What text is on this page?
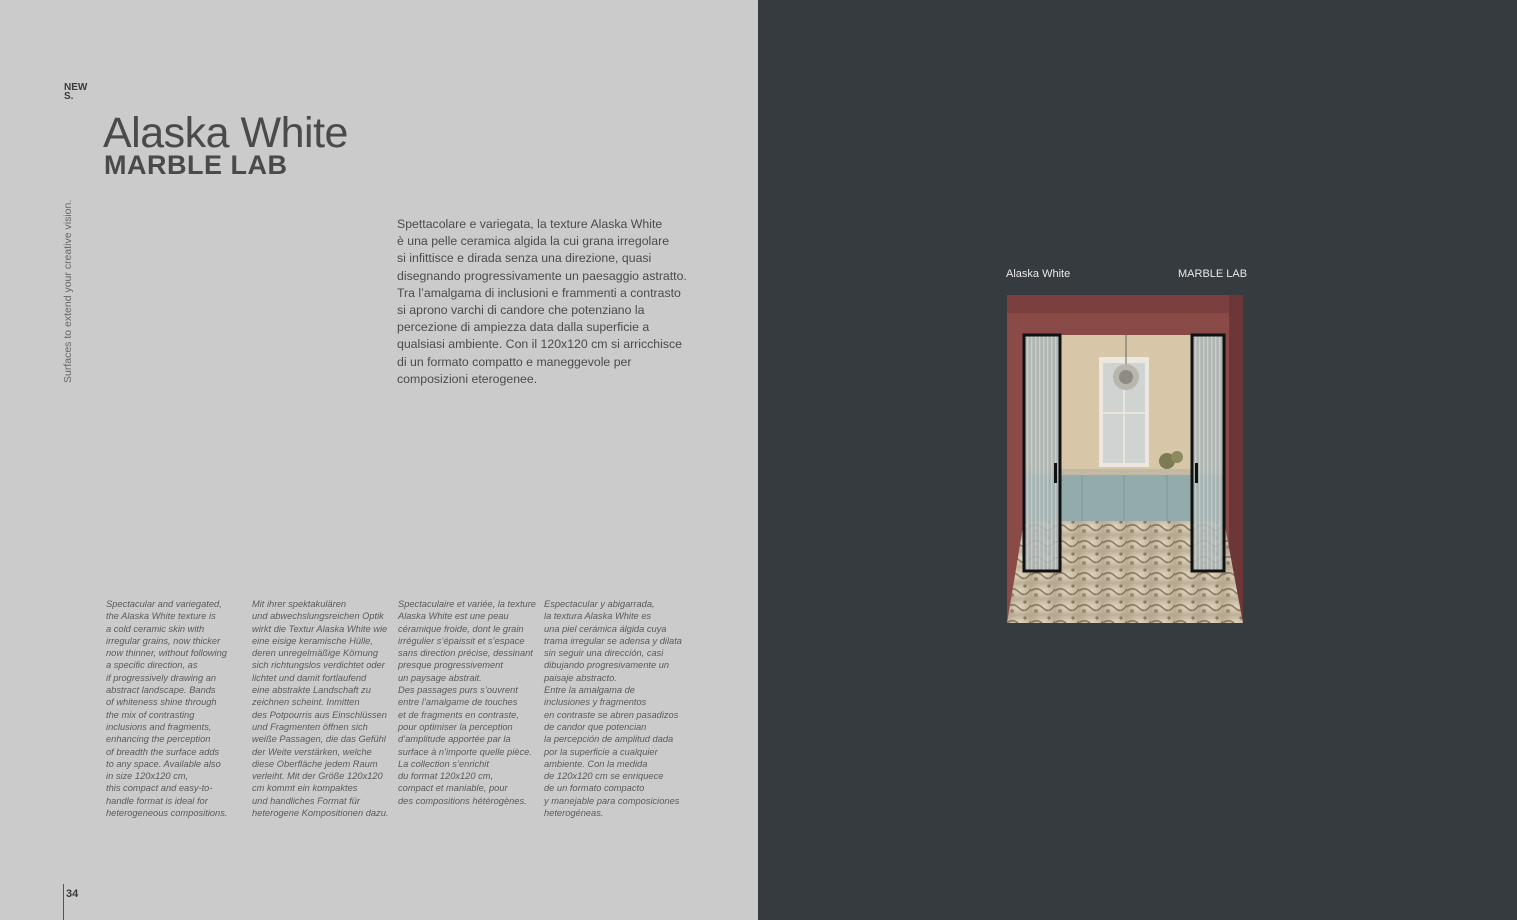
NEW
S.
Alaska White
MARBLE LAB
Surfaces to extend your creative vision.	Spettacolare e variegata, la texture Alaska White
è una pelle ceramica algida la cui grana irregolare
si infittisce e dirada senza una direzione, quasi
disegnando progressivamente un paesaggio astratto.
Tra l’amalgama di inclusioni e frammenti a contrasto
si aprono varchi di candore che potenziano la
percezione di ampiezza data dalla superficie a
qualsiasi ambiente. Con il 120x120 cm si arricchisce
di un formato compatto e maneggevole per
composizioni eterogenee.
Spectacular and variegated,
the Alaska White texture is
a cold ceramic skin with
irregular grains, now thicker
now thinner, without following
a specific direction, as
if progressively drawing an
abstract landscape. Bands
of whiteness shine through
the mix of contrasting
inclusions and fragments,
enhancing the perception
of breadth the surface adds
to any space. Available also
in size 120x120 cm,
this compact and easy-to-
handle format is ideal for
heterogeneous compositions.
Mit ihrer spektakulären
und abwechslungsreichen Optik
wirkt die Textur Alaska White wie
eine eisige keramische Hülle,
deren unregelmäßige Körnung
sich richtungslos verdichtet oder
lichtet und damit fortlaufend
eine abstrakte Landschaft zu
zeichnen scheint. Inmitten
des Potpourris aus Einschlüssen
und Fragmenten öffnen sich
weiße Passagen, die das Gefühl
der Weite verstärken, welche
diese Oberfläche jedem Raum
verleiht. Mit der Größe 120x120
cm kommt ein kompaktes
und handliches Format für
heterogene Kompositionen dazu.
Spectaculaire et variée, la texture
Alaska White est une peau
céramique froide, dont le grain
irrégulier s’épaissit et s’espace
sans direction précise, dessinant
presque progressivement
un paysage abstrait.
Des passages purs s’ouvrent
entre l’amalgame de touches
et de fragments en contraste,
pour optimiser la perception
d’amplitude apportée par la
surface à n’importe quelle pièce.
La collection s’enrichit
du format 120x120 cm,
compact et maniable, pour
des compositions hétérogènes.
Espectacular y abigarrada,
la textura Alaska White es
una piel cerámica álgida cuya
trama irregular se adensa y dilata
sin seguir una dirección, casi
dibujando progresivamente un
paisaje abstracto.
Entre la amalgama de
inclusiones y fragmentos
en contraste se abren pasadizos
de candor que potencian
la percepción de amplitud dada
por la superficie a cualquier
ambiente. Con la medida
de 120x120 cm se enriquece
de un formato compacto
y manejable para composiciones
heterogéneas.
34
Alaska White	MARBLE LAB
